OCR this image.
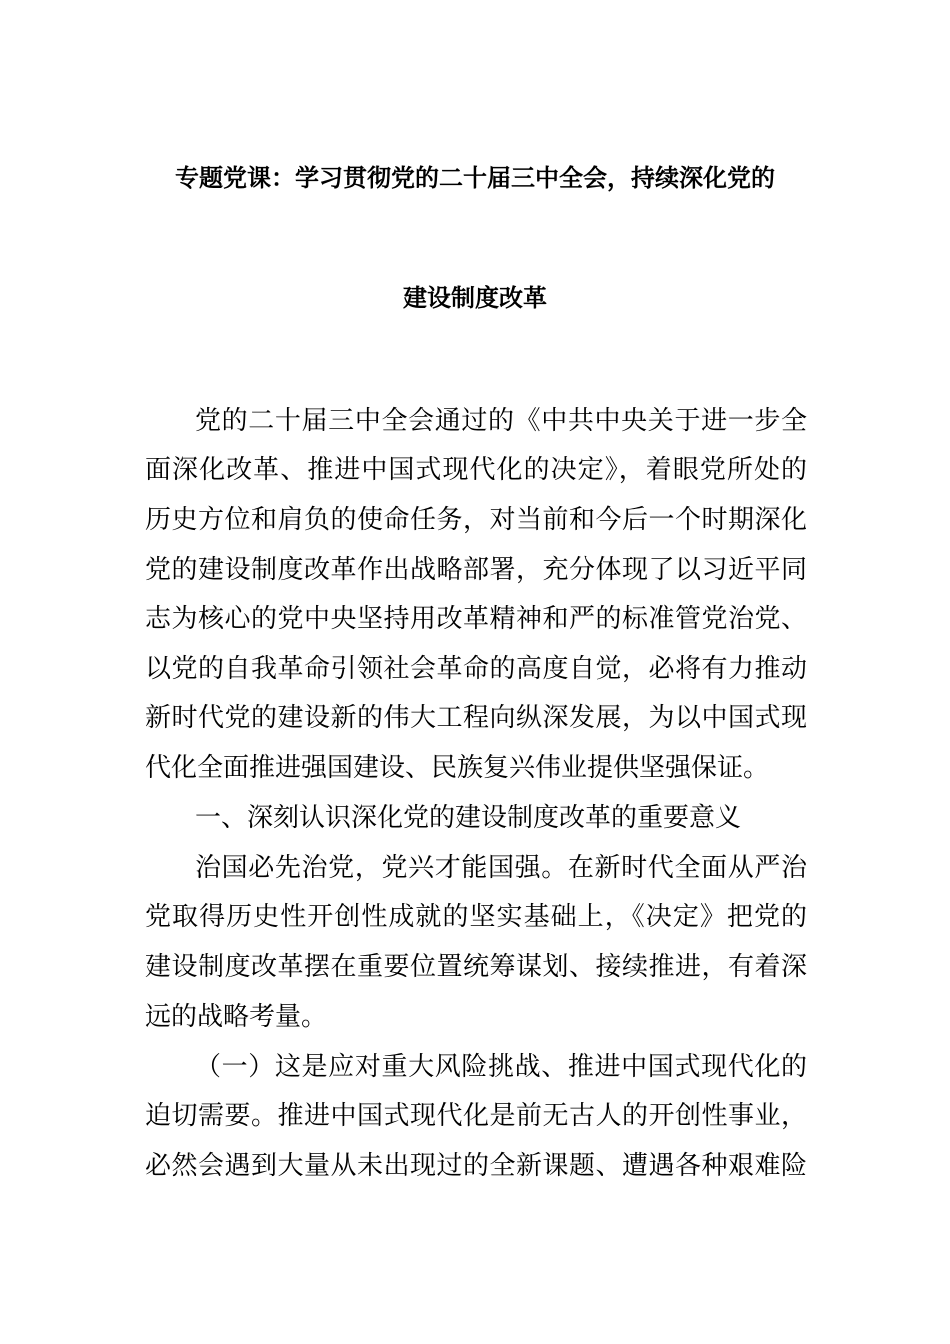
专题党课：学习贯彻党的二十届三中全会，持续深化党的
建设制度改革
党的二十届三中全会通过的《中共中央关于进一步全
面深化改革、推进中国式现代化的决定》，着眼党所处的
历史方位和肩负的使命任务，对当前和今后一个时期深化
党的建设制度改革作出战略部署，充分体现了以习近平同
志为核心的党中央坚持用改革精神和严的标准管党治党、
以党的自我革命引领社会革命的高度自觉，必将有力推动
新时代党的建设新的伟大工程向纵深发展，为以中国式现
代化全面推进强国建设、民族复兴伟业提供坚强保证。
一、深刻认识深化党的建设制度改革的重要意义
治国必先治党，党兴才能国强。在新时代全面从严治
党取得历史性开创性成就的坚实基础上，《决定》把党的
建设制度改革摆在重要位置统筹谋划、接续推进，有着深
远的战略考量。
（一）这是应对重大风险挑战、推进中国式现代化的
迫切需要。推进中国式现代化是前无古人的开创性事业，
必然会遇到大量从未出现过的全新课题、遭遇各种艰难险
